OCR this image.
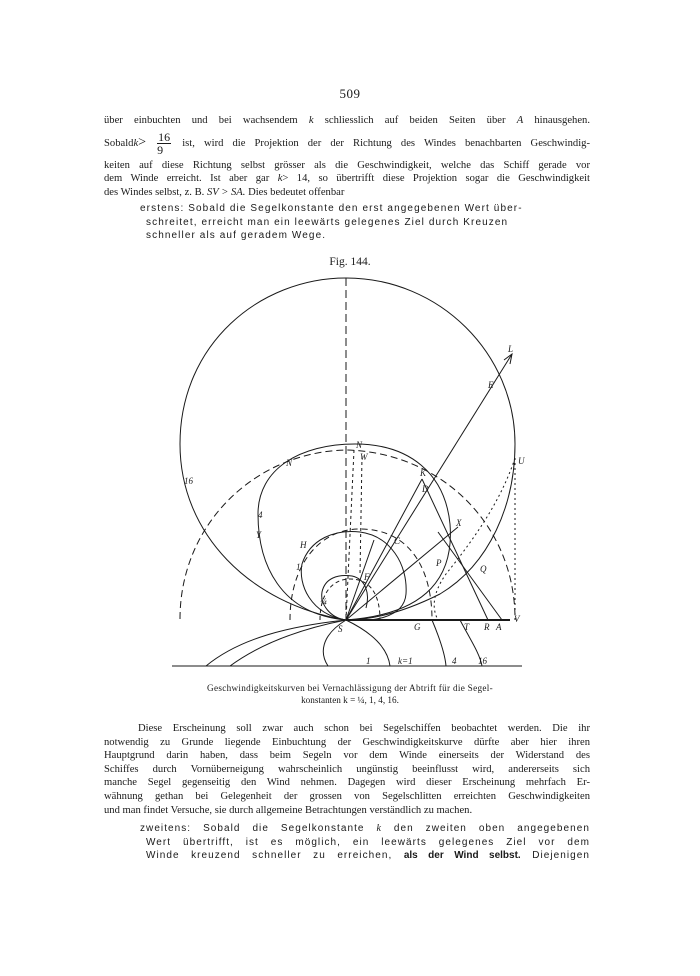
509

über einbuchten und bei wachsendem k schliesslich auf beiden Seiten über A hinausgehen.

Sobaldk> $\frac{16}{9}$ ist, wird die Projektion der der Richtung des Windes benachbarten Geschwindig-

keiten auf diese Richtung selbst grösser als die Geschwindigkeit, welche das Schiff gerade vor

dem Winde erreicht. Ist aber gar k> 14, so übertrifft diese Projektion sogar die Geschwindigkeit

des Windes selbst, z. B. SV > SA. Dies bedeutet offenbar

erstens: Sobald die Segelkonstante den erst angegebenen Wert über-

schreitet, erreicht man ein leewärts gelegenes Ziel durch Kreuzen

schneller als auf geradem Wege.

Fig. 144.
L
E
U
N
N
W
K
D
X
H	C
Q
P
V
S	G	T R A
F
Y
16
4
1
¼
k=1
1	4 16
Geschwindigkeitskurven bei Vernachlässigung der Abtrift für die Segel-
konstanten k = ¼, 1, 4, 16.

Diese Erscheinung soll zwar auch schon bei Segelschiffen beobachtet werden. Die ihr

notwendig zu Grunde liegende Einbuchtung der Geschwindigkeitskurve dürfte aber hier ihren

Hauptgrund darin haben, dass beim Segeln vor dem Winde einerseits der Widerstand des

Schiffes durch Vornüberneigung wahrscheinlich ungünstig beeinflusst wird, andererseits sich

manche Segel gegenseitig den Wind nehmen. Dagegen wird dieser Erscheinung mehrfach Er-

wähnung gethan bei Gelegenheit der grossen von Segelschlitten erreichten Geschwindigkeiten

und man findet Versuche, sie durch allgemeine Betrachtungen verständlich zu machen.

zweitens: Sobald die Segelkonstante k den zweiten oben angegebenen

Wert übertrifft, ist es möglich, ein leewärts gelegenes Ziel vor dem

Winde kreuzend schneller zu erreichen, als der Wind selbst. Diejenigen
